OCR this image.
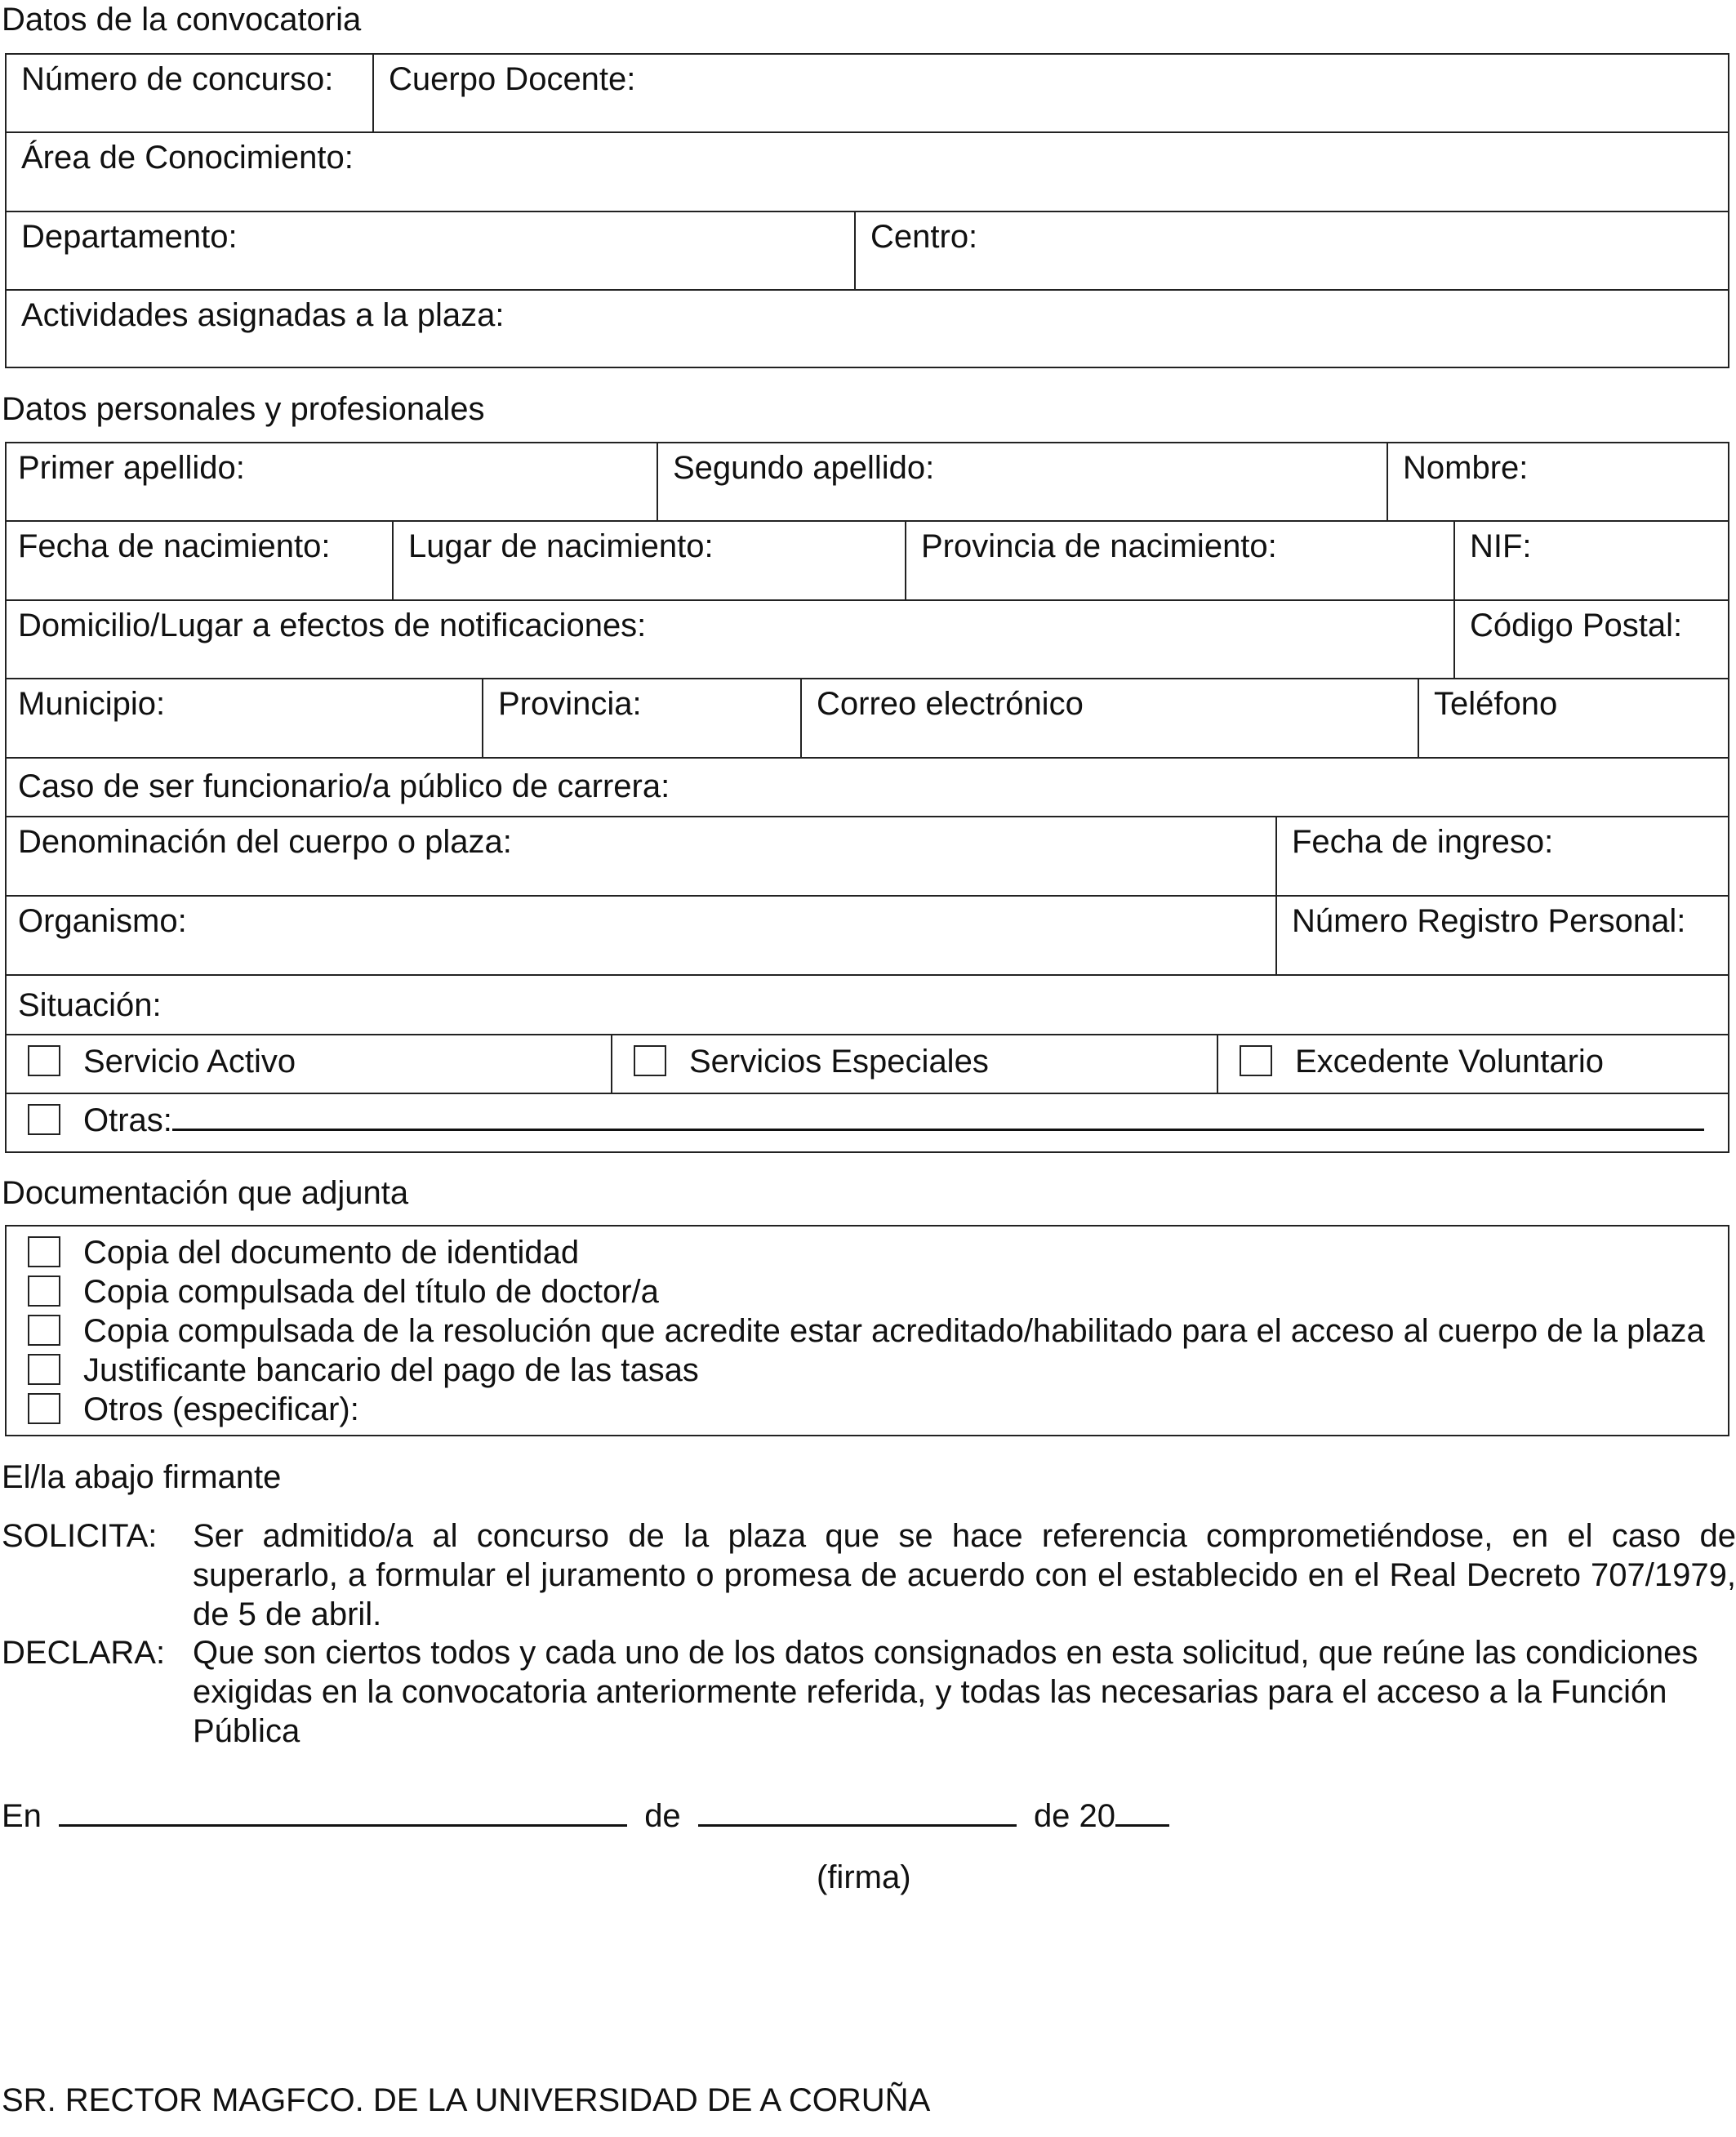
Datos de la convocatoria
Número de concurso:	Cuerpo Docente:
Área de Conocimiento:
Departamento:	Centro:
Actividades asignadas a la plaza:
Datos personales y profesionales
Primer apellido:	Segundo apellido:	Nombre:
Fecha de nacimiento:	Lugar de nacimiento:	Provincia de nacimiento:	NIF:
Domicilio/Lugar a efectos de notificaciones:	Código Postal:
Municipio:	Provincia:	Correo electrónico	Teléfono
Caso de ser funcionario/a público de carrera:
Denominación del cuerpo o plaza:	Fecha de ingreso:
Organismo:	Número Registro Personal:
Situación:
Servicio Activo	Servicios Especiales	Excedente Voluntario
Otras:
Documentación que adjunta
Copia del documento de identidad
Copia compulsada del título de doctor/a
Copia compulsada de la resolución que acredite estar acreditado/habilitado para el acceso al cuerpo de la plaza
Justificante bancario del pago de las tasas
Otros (especificar):
El/la abajo firmante
SOLICITA: Ser admitido/a al concurso de la plaza que se hace referencia comprometiéndose, en el caso de superarlo, a formular el juramento o promesa de acuerdo con el establecido en el Real Decreto 707/1979, de 5 de abril.
DECLARA: Que son ciertos todos y cada uno de los datos consignados en esta solicitud, que reúne las condiciones exigidas en la convocatoria anteriormente referida, y todas las necesarias para el acceso a la Función Pública
En	de	de 20
(firma)
SR. RECTOR MAGFCO. DE LA UNIVERSIDAD DE A CORUÑA
